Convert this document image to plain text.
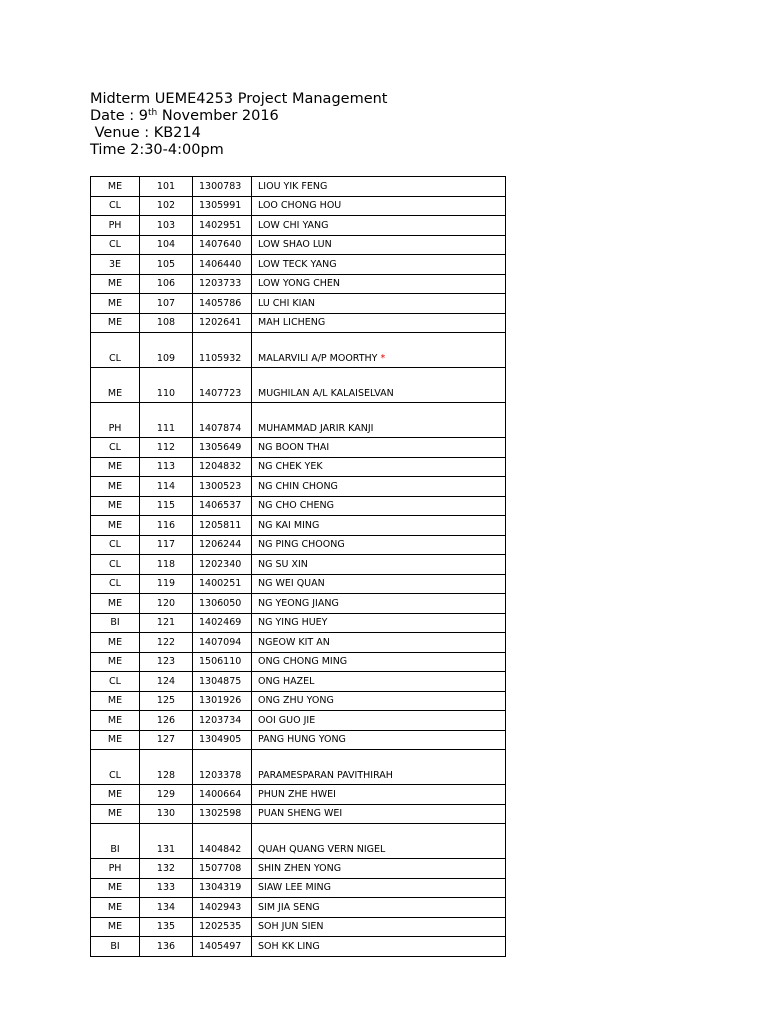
Midterm UEME4253 Project Management
Date : 9th November 2016
Venue : KB214
Time 2:30-4:00pm
ME	101	1300783	LIOU YIK FENG
CL	102	1305991	LOO CHONG HOU
PH	103	1402951	LOW CHI YANG
CL	104	1407640	LOW SHAO LUN
3E	105	1406440	LOW TECK YANG
ME	106	1203733	LOW YONG CHEN
ME	107	1405786	LU CHI KIAN
ME	108	1202641	MAH LICHENG
CL	109	1105932	MALARVILI A/P MOORTHY *
ME	110	1407723	MUGHILAN A/L KALAISELVAN
PH	111	1407874	MUHAMMAD JARIR KANJI
CL	112	1305649	NG BOON THAI
ME	113	1204832	NG CHEK YEK
ME	114	1300523	NG CHIN CHONG
ME	115	1406537	NG CHO CHENG
ME	116	1205811	NG KAI MING
CL	117	1206244	NG PING CHOONG
CL	118	1202340	NG SU XIN
CL	119	1400251	NG WEI QUAN
ME	120	1306050	NG YEONG JIANG
BI	121	1402469	NG YING HUEY
ME	122	1407094	NGEOW KIT AN
ME	123	1506110	ONG CHONG MING
CL	124	1304875	ONG HAZEL
ME	125	1301926	ONG ZHU YONG
ME	126	1203734	OOI GUO JIE
ME	127	1304905	PANG HUNG YONG
CL	128	1203378	PARAMESPARAN PAVITHIRAH
ME	129	1400664	PHUN ZHE HWEI
ME	130	1302598	PUAN SHENG WEI
BI	131	1404842	QUAH QUANG VERN NIGEL
PH	132	1507708	SHIN ZHEN YONG
ME	133	1304319	SIAW LEE MING
ME	134	1402943	SIM JIA SENG
ME	135	1202535	SOH JUN SIEN
BI	136	1405497	SOH KK LING
